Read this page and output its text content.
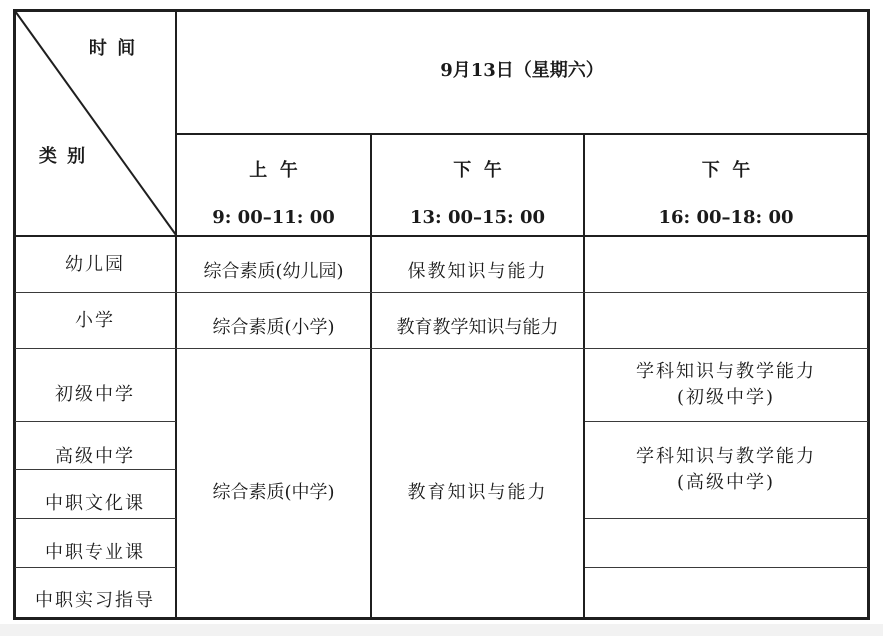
时 间
类 别
9月13日（星期六）
上  午
9: 00–11: 00
下  午
13: 00–15: 00
下  午
16: 00–18: 00
幼儿园
小学
初级中学
高级中学
中职文化课
中职专业课
中职实习指导
综合素质(幼儿园)
综合素质(小学)
综合素质(中学)
保教知识与能力
教育教学知识与能力
教育知识与能力
学科知识与教学能力
(初级中学)
学科知识与教学能力
(高级中学)
